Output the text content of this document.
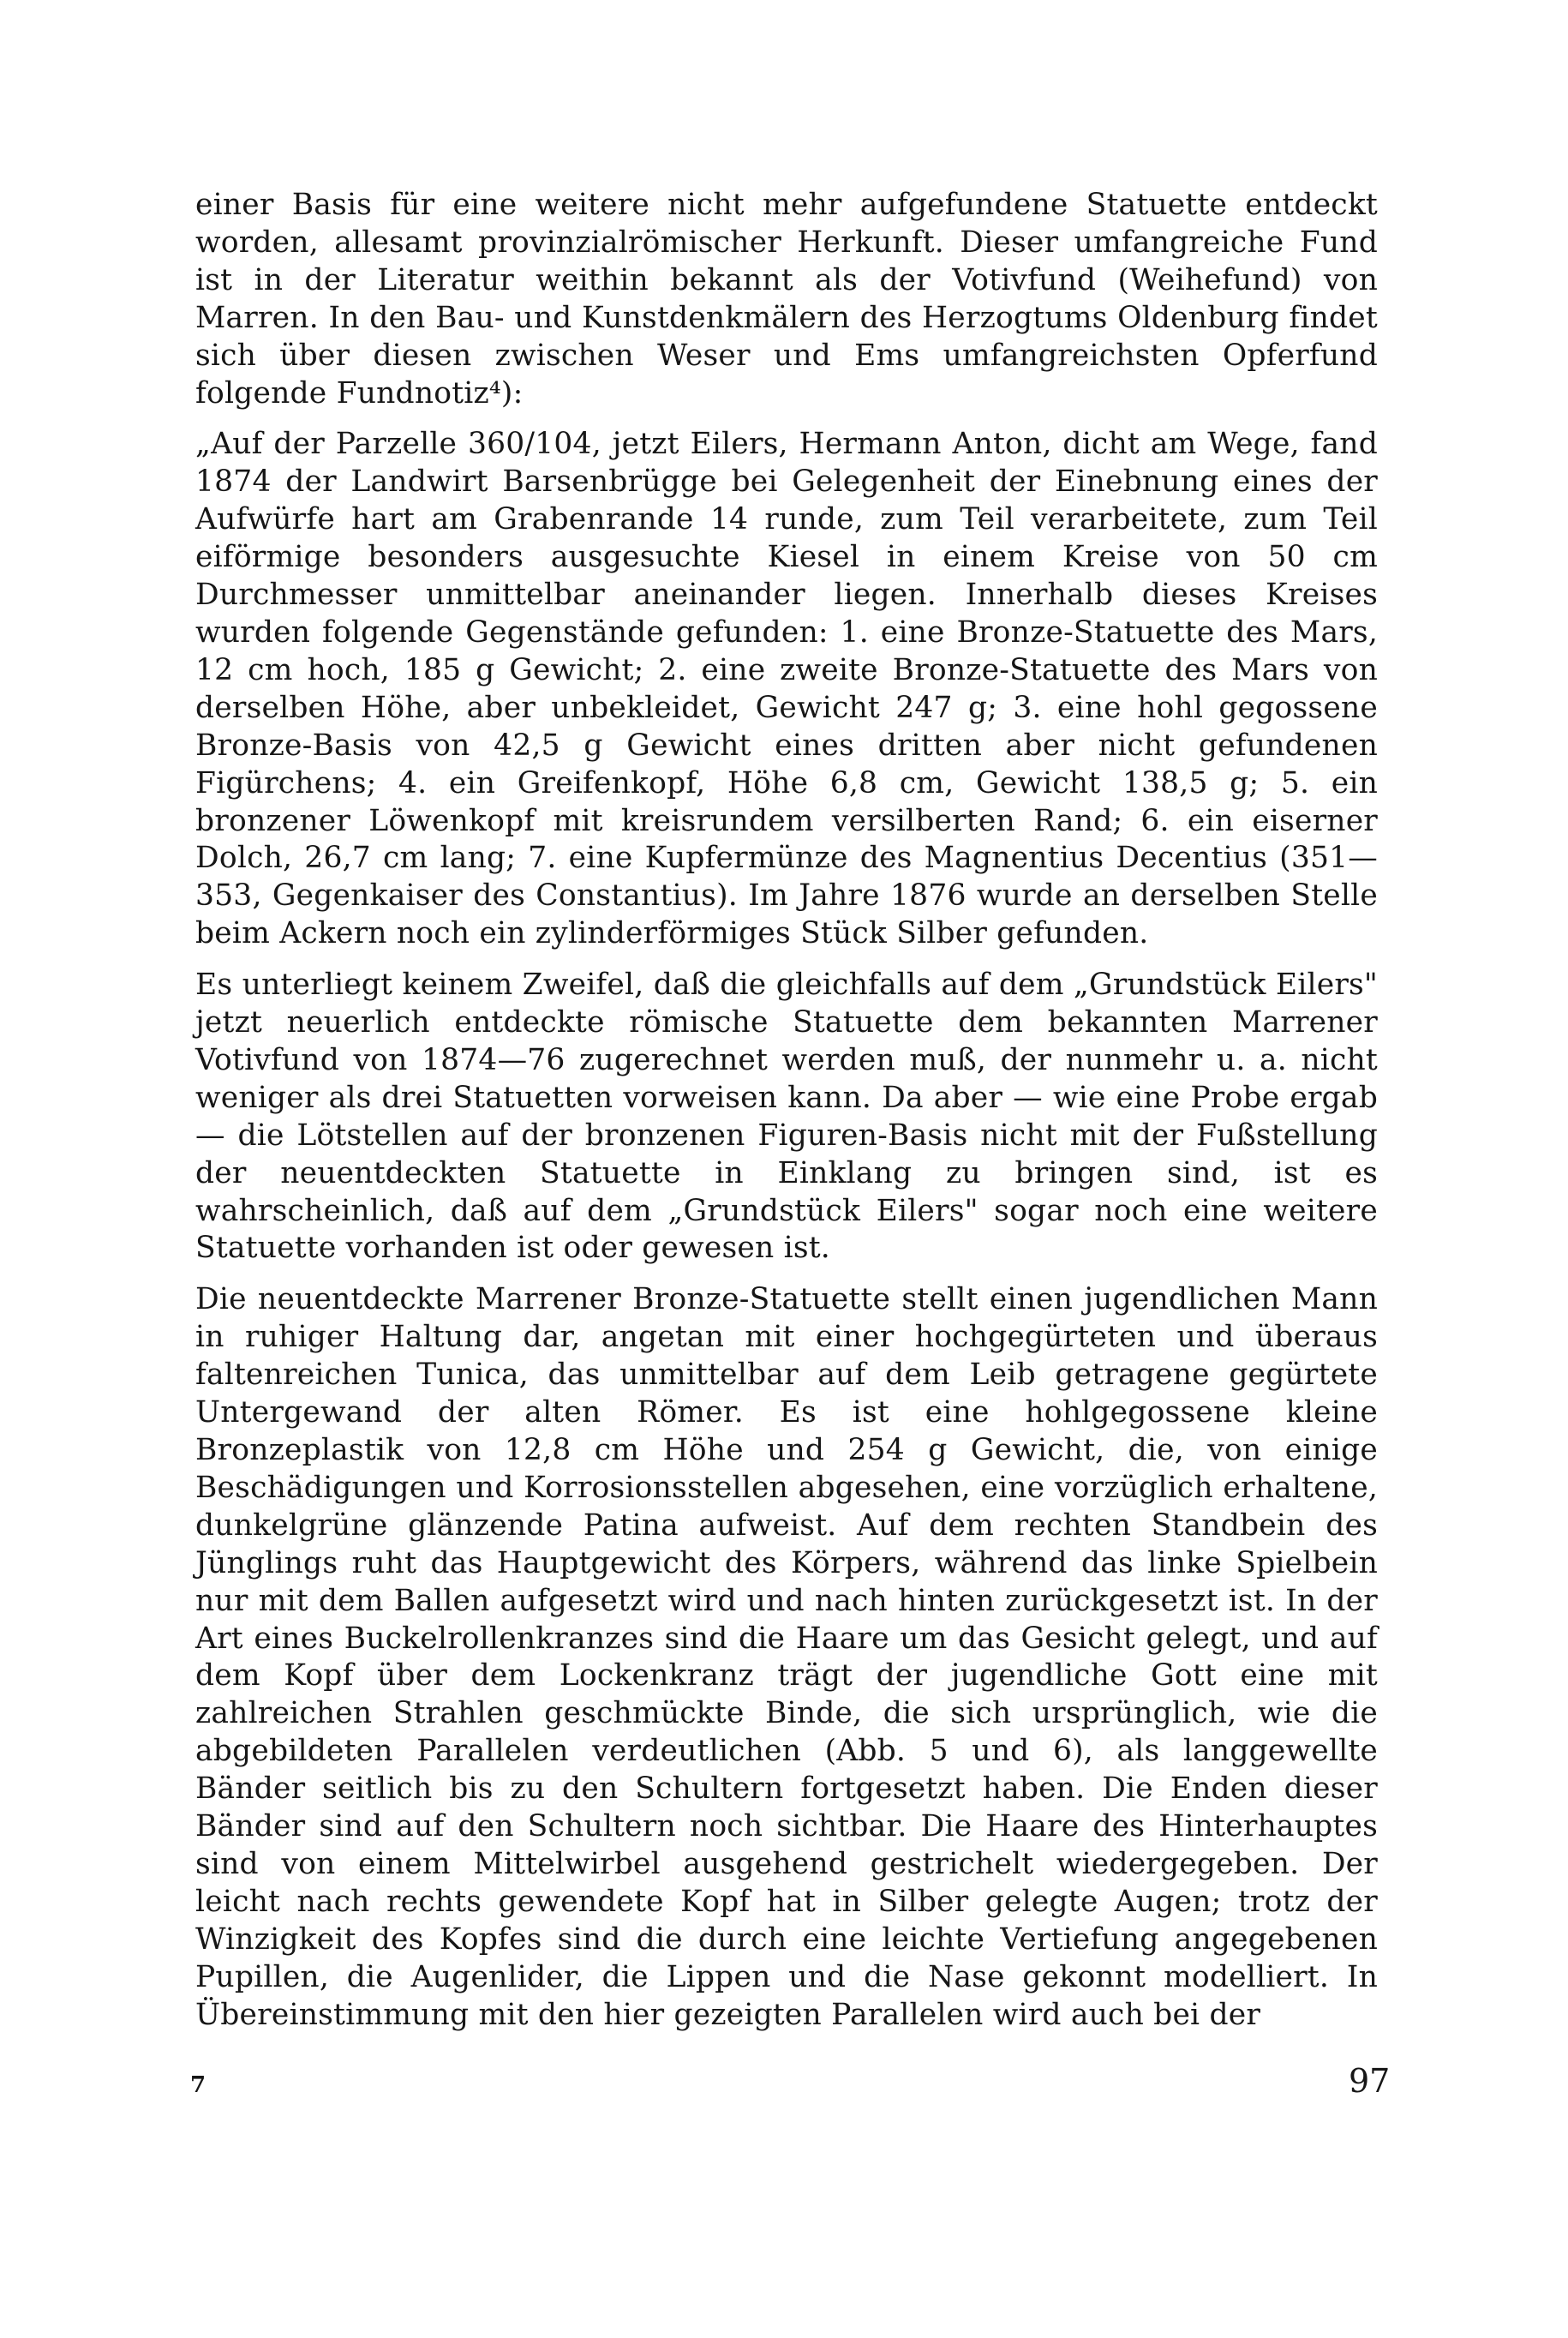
einer Basis für eine weitere nicht mehr aufgefundene Statuette entdeckt worden, allesamt provinzialrömischer Herkunft. Dieser umfangreiche Fund ist in der Literatur weithin bekannt als der Votivfund (Weihefund) von Marren. In den Bau- und Kunstdenkmälern des Herzogtums Oldenburg findet sich über diesen zwischen Weser und Ems umfangreichsten Opferfund folgende Fundnotiz⁴):

„Auf der Parzelle 360/104, jetzt Eilers, Hermann Anton, dicht am Wege, fand 1874 der Landwirt Barsenbrügge bei Gelegenheit der Einebnung eines der Aufwürfe hart am Grabenrande 14 runde, zum Teil verarbeitete, zum Teil eiförmige besonders ausgesuchte Kiesel in einem Kreise von 50 cm Durchmesser unmittelbar aneinander liegen. Innerhalb dieses Kreises wurden folgende Gegenstände gefunden: 1. eine Bronze-Statuette des Mars, 12 cm hoch, 185 g Gewicht; 2. eine zweite Bronze-Statuette des Mars von derselben Höhe, aber unbekleidet, Gewicht 247 g; 3. eine hohl gegossene Bronze-Basis von 42,5 g Gewicht eines dritten aber nicht gefundenen Figürchens; 4. ein Greifenkopf, Höhe 6,8 cm, Gewicht 138,5 g; 5. ein bronzener Löwenkopf mit kreisrundem versilberten Rand; 6. ein eiserner Dolch, 26,7 cm lang; 7. eine Kupfermünze des Magnentius Decentius (351—353, Gegenkaiser des Constantius). Im Jahre 1876 wurde an derselben Stelle beim Ackern noch ein zylinderförmiges Stück Silber gefunden.

Es unterliegt keinem Zweifel, daß die gleichfalls auf dem „Grundstück Eilers" jetzt neuerlich entdeckte römische Statuette dem bekannten Marrener Votivfund von 1874—76 zugerechnet werden muß, der nunmehr u. a. nicht weniger als drei Statuetten vorweisen kann. Da aber — wie eine Probe ergab — die Lötstellen auf der bronzenen Figuren-Basis nicht mit der Fußstellung der neuentdeckten Statuette in Einklang zu bringen sind, ist es wahrscheinlich, daß auf dem „Grundstück Eilers" sogar noch eine weitere Statuette vorhanden ist oder gewesen ist.

Die neuentdeckte Marrener Bronze-Statuette stellt einen jugendlichen Mann in ruhiger Haltung dar, angetan mit einer hochgegürteten und überaus faltenreichen Tunica, das unmittelbar auf dem Leib getragene gegürtete Untergewand der alten Römer. Es ist eine hohlgegossene kleine Bronzeplastik von 12,8 cm Höhe und 254 g Gewicht, die, von einige Beschädigungen und Korrosionsstellen abgesehen, eine vorzüglich erhaltene, dunkelgrüne glänzende Patina aufweist. Auf dem rechten Standbein des Jünglings ruht das Hauptgewicht des Körpers, während das linke Spielbein nur mit dem Ballen aufgesetzt wird und nach hinten zurückgesetzt ist. In der Art eines Buckelrollenkranzes sind die Haare um das Gesicht gelegt, und auf dem Kopf über dem Lockenkranz trägt der jugendliche Gott eine mit zahlreichen Strahlen geschmückte Binde, die sich ursprünglich, wie die abgebildeten Parallelen verdeutlichen (Abb. 5 und 6), als langgewellte Bänder seitlich bis zu den Schultern fortgesetzt haben. Die Enden dieser Bänder sind auf den Schultern noch sichtbar. Die Haare des Hinterhauptes sind von einem Mittelwirbel ausgehend gestrichelt wiedergegeben. Der leicht nach rechts gewendete Kopf hat in Silber gelegte Augen; trotz der Winzigkeit des Kopfes sind die durch eine leichte Vertiefung angegebenen Pupillen, die Augenlider, die Lippen und die Nase gekonnt modelliert. In Übereinstimmung mit den hier gezeigten Parallelen wird auch bei der

7	97
